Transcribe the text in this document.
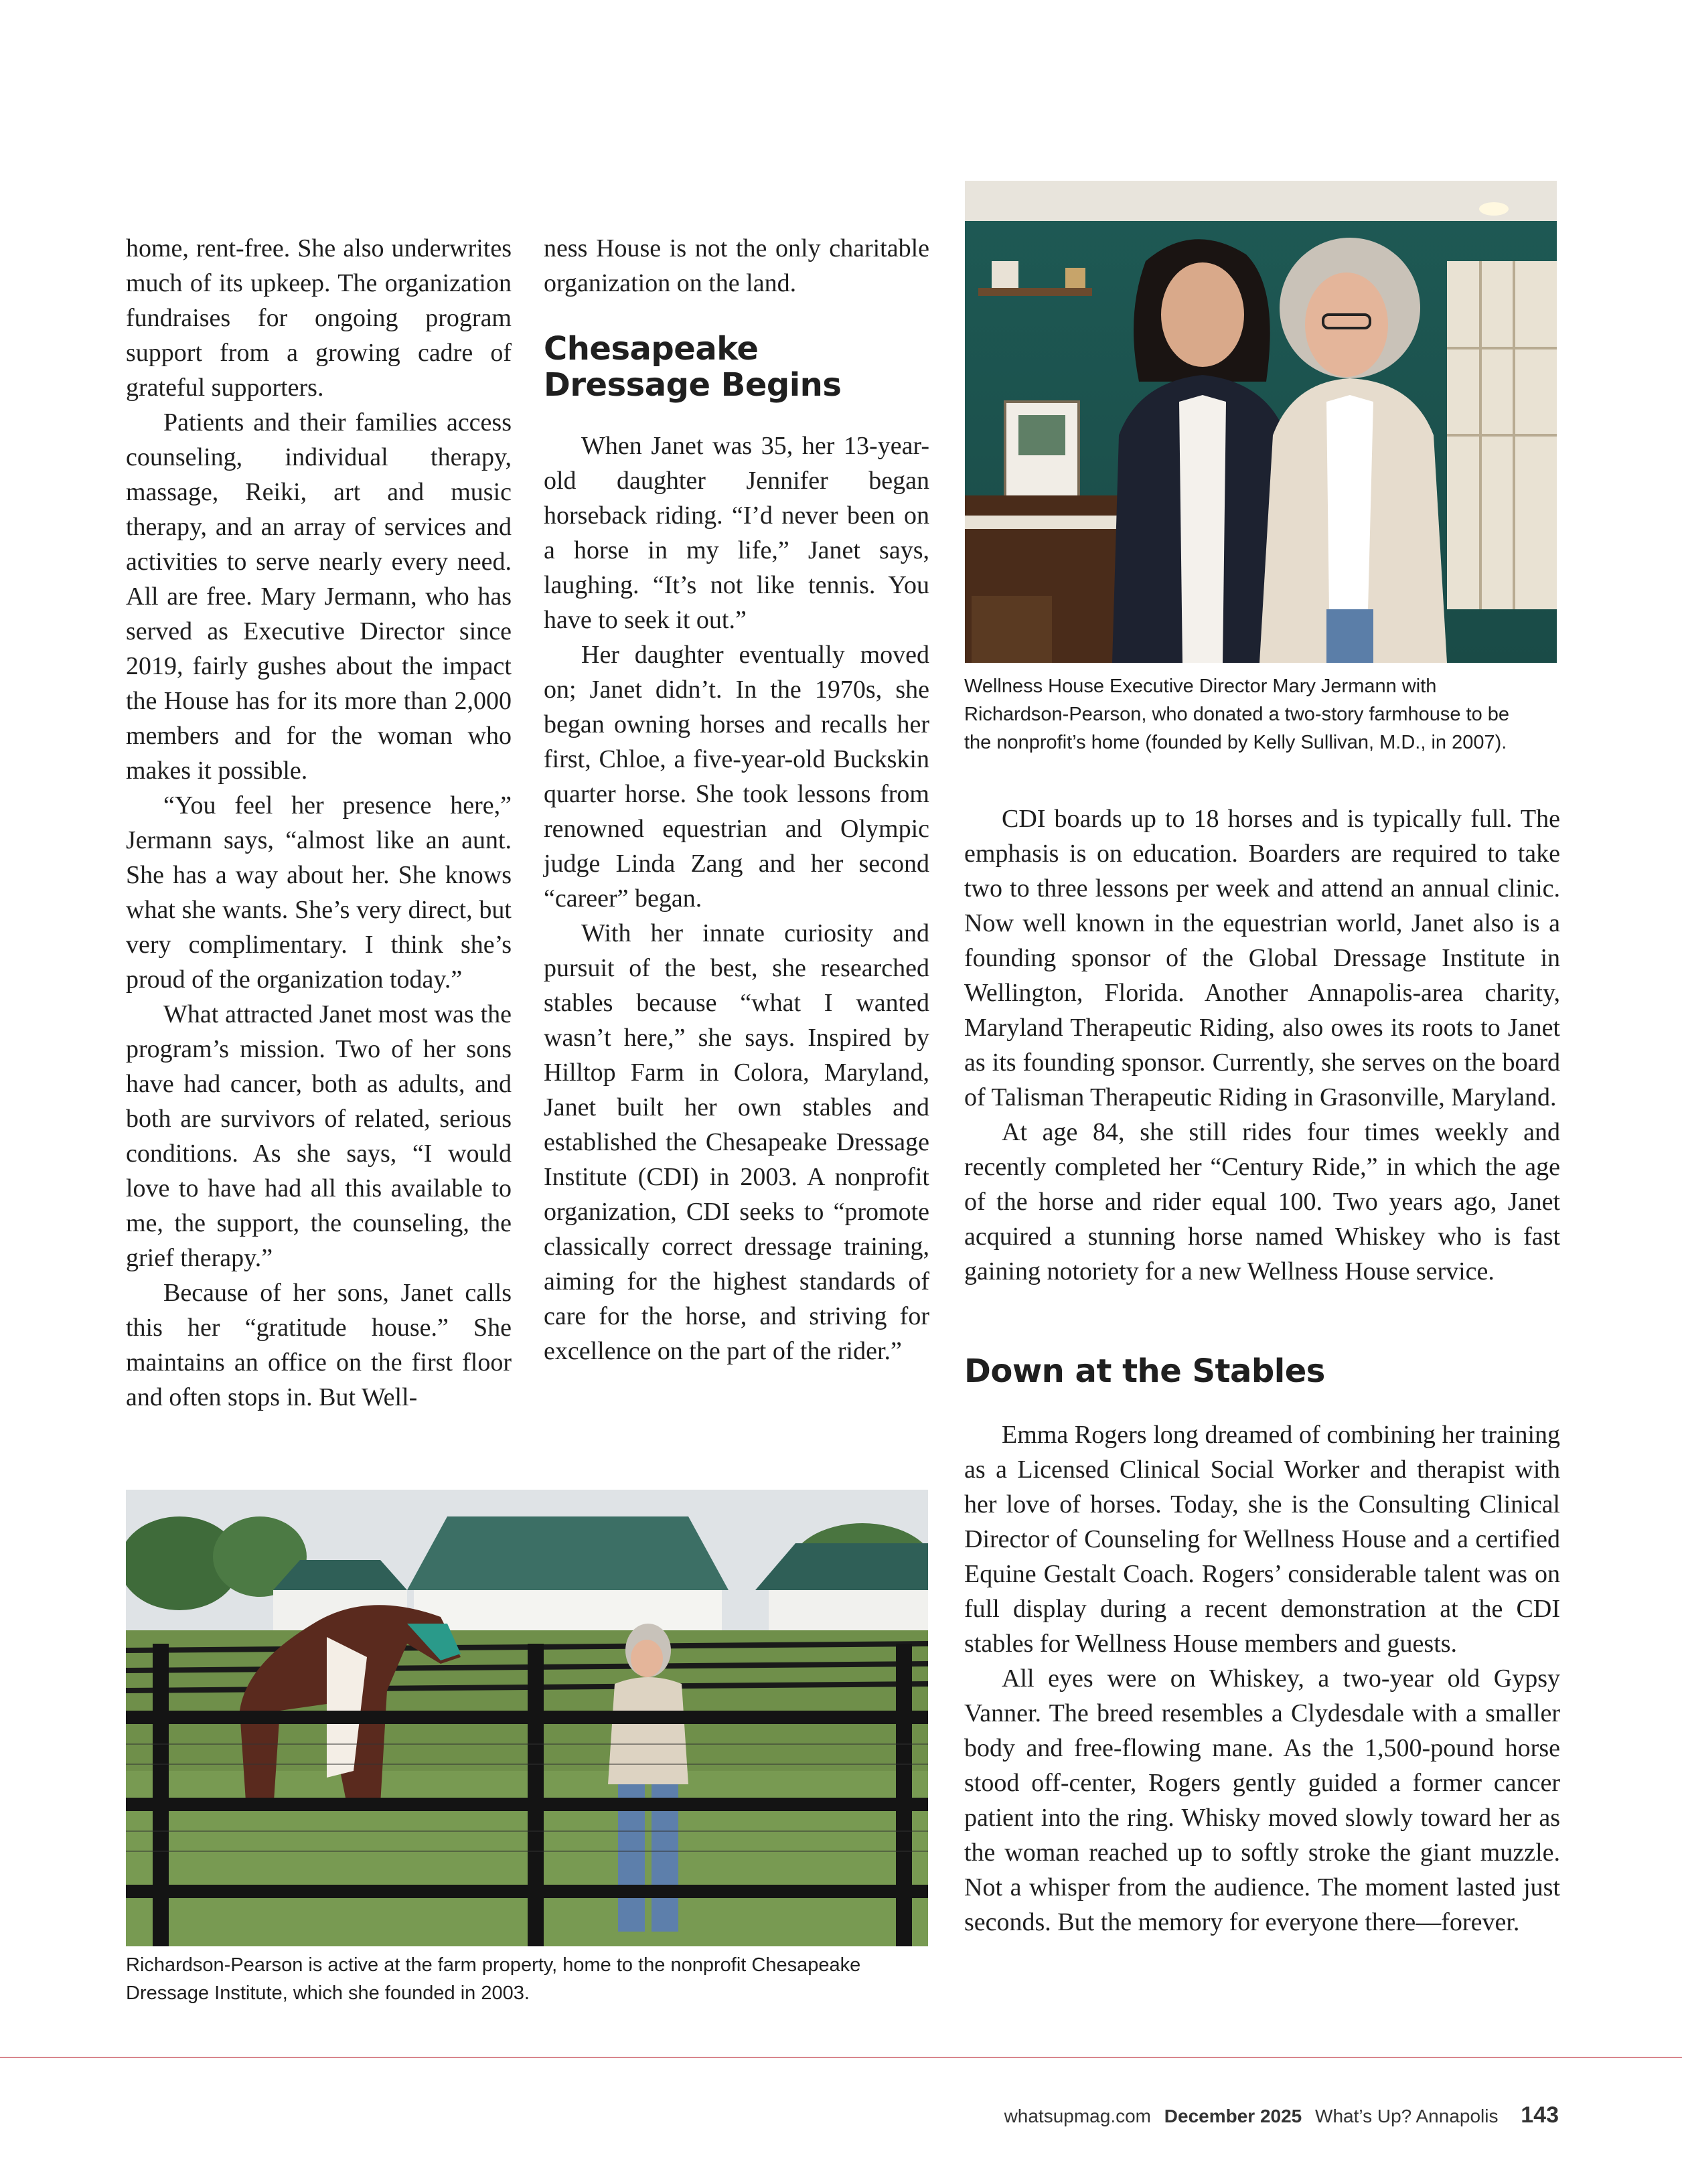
home, rent-free. She also underwrites much of its upkeep. The organization fundraises for ongoing program support from a growing cadre of grateful supporters.

Patients and their families access counseling, individual therapy, massage, Reiki, art and music therapy, and an array of services and activities to serve nearly every need. All are free. Mary Jermann, who has served as Executive Director since 2019, fairly gushes about the impact the House has for its more than 2,000 members and for the woman who makes it possible.

“You feel her presence here,” Jermann says, “almost like an aunt. She has a way about her. She knows what she wants. She’s very direct, but very complimentary. I think she’s proud of the organization today.”

What attracted Janet most was the program’s mission. Two of her sons have had cancer, both as adults, and both are survivors of related, serious conditions. As she says, “I would love to have had all this available to me, the support, the counseling, the grief therapy.”

Because of her sons, Janet calls this her “gratitude house.” She maintains an office on the first floor and often stops in. But Well-

ness House is not the only charitable organization on the land.

Chesapeake Dressage Begins

When Janet was 35, her 13-year-old daughter Jennifer began horseback riding. “I’d never been on a horse in my life,” Janet says, laughing. “It’s not like tennis. You have to seek it out.”

Her daughter eventually moved on; Janet didn’t. In the 1970s, she began owning horses and recalls her first, Chloe, a five-year-old Buckskin quarter horse. She took lessons from renowned equestrian and Olympic judge Linda Zang and her second “career” began.

With her innate curiosity and pursuit of the best, she researched stables because “what I wanted wasn’t here,” she says. Inspired by Hilltop Farm in Colora, Maryland, Janet built her own stables and established the Chesapeake Dressage Institute (CDI) in 2003. A nonprofit organization, CDI seeks to “promote classically correct dressage training, aiming for the highest standards of care for the horse, and striving for excellence on the part of the rider.”

Wellness House Executive Director Mary Jermann with Richardson-Pearson, who donated a two-story farmhouse to be the nonprofit’s home (founded by Kelly Sullivan, M.D., in 2007).

CDI boards up to 18 horses and is typically full. The emphasis is on education. Boarders are required to take two to three lessons per week and attend an annual clinic. Now well known in the equestrian world, Janet also is a founding sponsor of the Global Dressage Institute in Wellington, Florida. Another Annapolis-area charity, Maryland Therapeutic Riding, also owes its roots to Janet as its founding sponsor. Currently, she serves on the board of Talisman Therapeutic Riding in Grasonville, Maryland.

At age 84, she still rides four times weekly and recently completed her “Century Ride,” in which the age of the horse and rider equal 100. Two years ago, Janet acquired a stunning horse named Whiskey who is fast gaining notoriety for a new Wellness House service.

Down at the Stables

Emma Rogers long dreamed of combining her training as a Licensed Clinical Social Worker and therapist with her love of horses. Today, she is the Consulting Clinical Director of Counseling for Wellness House and a certified Equine Gestalt Coach. Rogers’ considerable talent was on full display during a recent demonstration at the CDI stables for Wellness House members and guests.

All eyes were on Whiskey, a two-year old Gypsy Vanner. The breed resembles a Clydesdale with a smaller body and free-flowing mane. As the 1,500-pound horse stood off-center, Rogers gently guided a former cancer patient into the ring. Whisky moved slowly toward her as the woman reached up to softly stroke the giant muzzle. Not a whisper from the audience. The moment lasted just seconds. But the memory for everyone there—forever.

Richardson-Pearson is active at the farm property, home to the nonprofit Chesapeake Dressage Institute, which she founded in 2003.
whatsupmag.com December 2025 What’s Up? Annapolis 143
